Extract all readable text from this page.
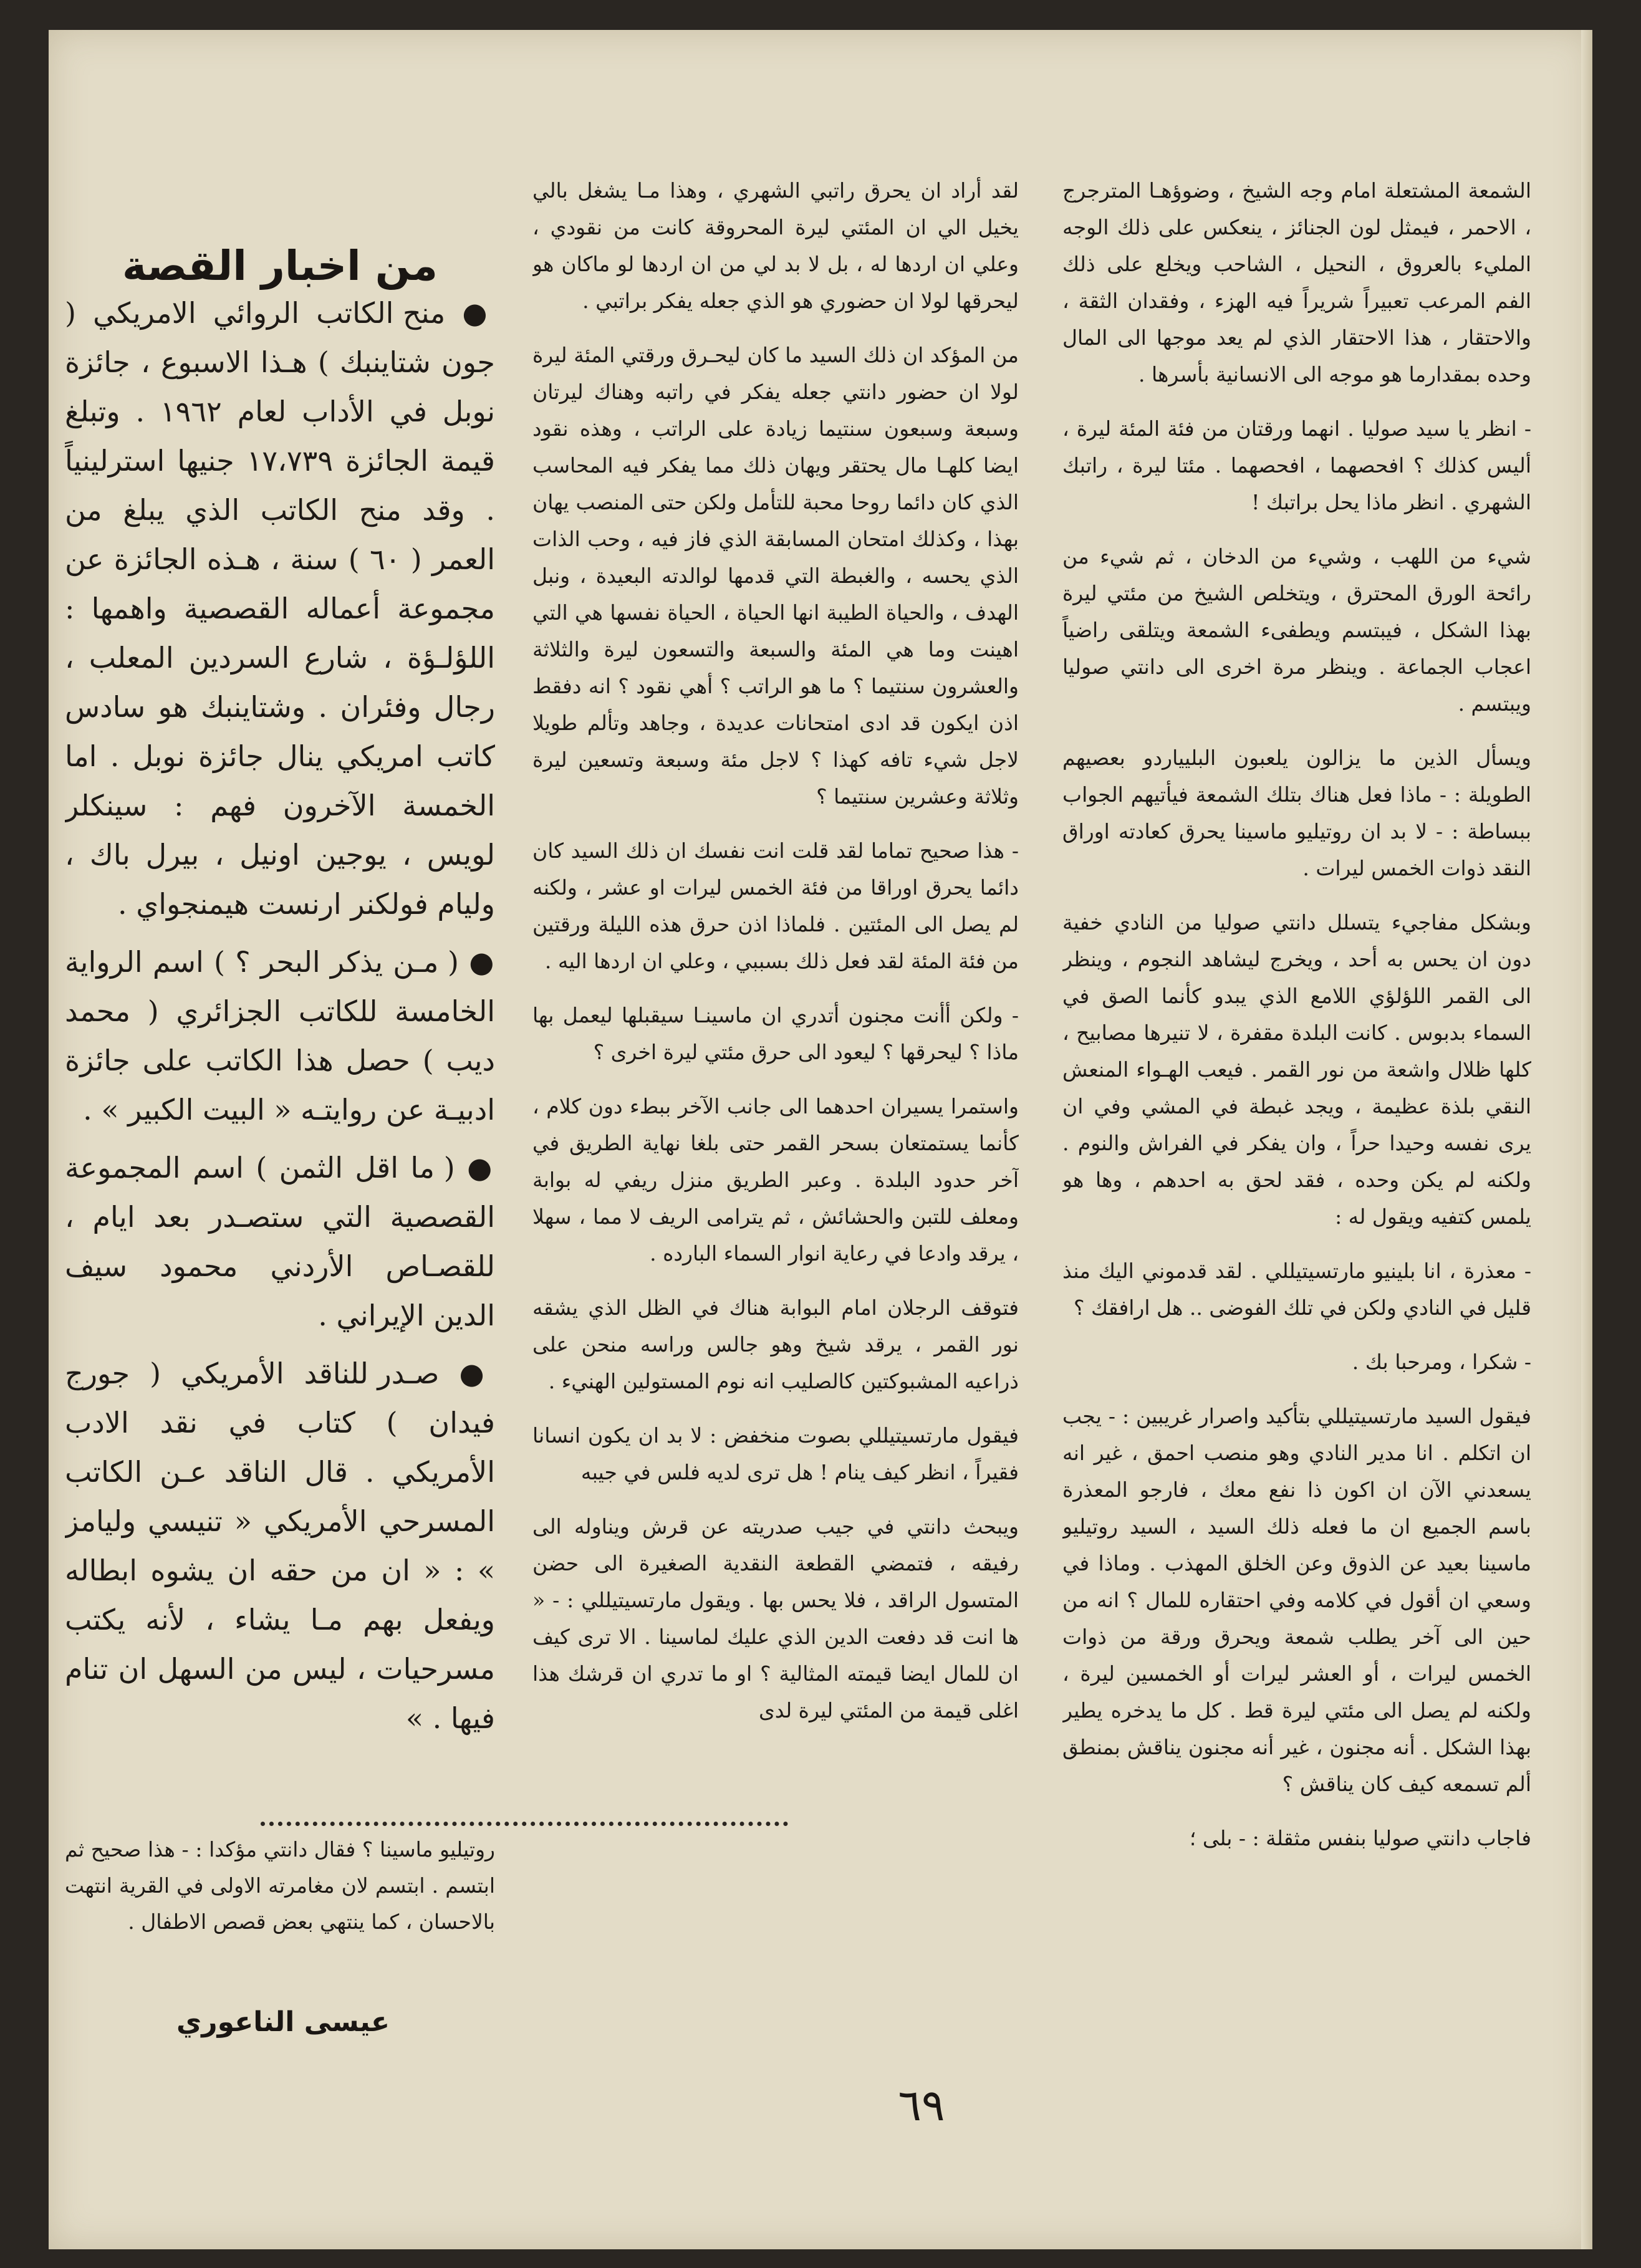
الشمعة المشتعلة امام وجه الشيخ ، وضوؤهـا المترجرج ، الاحمر ، فيمثل لون الجنائز ، ينعكس على ذلك الوجه المليء بالعروق ، النحيل ، الشاحب ويخلع على ذلك الفم المرعب تعبيراً شريراً فيه الهزء ، وفقدان الثقة ، والاحتقار ، هذا الاحتقار الذي لم يعد موجها الى المال وحده بمقدارما هو موجه الى الانسانية بأسرها .

- انظر يا سيد صوليا . انهما ورقتان من فئة المئة ليرة ، أليس كذلك ؟ افحصهما ، افحصهما . مئتا ليرة ، راتبك الشهري . انظر ماذا يحل براتبك !

شيء من اللهب ، وشيء من الدخان ، ثم شيء من رائحة الورق المحترق ، ويتخلص الشيخ من مئتي ليرة بهذا الشكل ، فيبتسم ويطفىء الشمعة ويتلقى راضياً اعجاب الجماعة . وينظر مرة اخرى الى دانتي صوليا ويبتسم .

ويسأل الذين ما يزالون يلعبون البليياردو بعصيهم الطويلة : - ماذا فعل هناك بتلك الشمعة فيأتيهم الجواب ببساطة : - لا بد ان روتيليو ماسينا يحرق كعادته اوراق النقد ذوات الخمس ليرات .

وبشكل مفاجيء يتسلل دانتي صوليا من النادي خفية دون ان يحس به أحد ، ويخرج ليشاهد النجوم ، وينظر الى القمر اللؤلؤي اللامع الذي يبدو كأنما الصق في السماء بدبوس . كانت البلدة مقفرة ، لا تنيرها مصابيح ، كلها ظلال واشعة من نور القمر . فيعب الهـواء المنعش النقي بلذة عظيمة ، ويجد غبطة في المشي وفي ان يرى نفسه وحيدا حراً ، وان يفكر في الفراش والنوم . ولكنه لم يكن وحده ، فقد لحق به احدهم ، وها هو يلمس كتفيه ويقول له :

- معذرة ، انا بلينيو مارتسيتيللي . لقد قدموني اليك منذ قليل في النادي ولكن في تلك الفوضى .. هل ارافقك ؟

- شكرا ، ومرحبا بك .

فيقول السيد مارتسيتيللي بتأكيد واصرار غريبين : - يجب ان اتكلم . انا مدير النادي وهو منصب احمق ، غير انه يسعدني الآن ان اكون ذا نفع معك ، فارجو المعذرة باسم الجميع ان ما فعله ذلك السيد ، السيد روتيليو ماسينا بعيد عن الذوق وعن الخلق المهذب . وماذا في وسعي ان أقول في كلامه وفي احتقاره للمال ؟ انه من حين الى آخر يطلب شمعة ويحرق ورقة من ذوات الخمس ليرات ، أو العشر ليرات أو الخمسين ليرة ، ولكنه لم يصل الى مئتي ليرة قط . كل ما يدخره يطير بهذا الشكل . أنه مجنون ، غير أنه مجنون يناقش بمنطق ألم تسمعه كيف كان يناقش ؟

فاجاب دانتي صوليا بنفس مثقلة : - بلى ؛

لقد أراد ان يحرق راتبي الشهري ، وهذا مـا يشغل بالي يخيل الي ان المئتي ليرة المحروقة كانت من نقودي ، وعلي ان اردها له ، بل لا بد لي من ان اردها لو ماكان هو ليحرقها لولا ان حضوري هو الذي جعله يفكر براتبي .

من المؤكد ان ذلك السيد ما كان ليحـرق ورقتي المئة ليرة لولا ان حضور دانتي جعله يفكر في راتبه وهناك ليرتان وسبعة وسبعون سنتيما زيادة على الراتب ، وهذه نقود ايضا كلهـا مال يحتقر ويهان ذلك مما يفكر فيه المحاسب الذي كان دائما روحا محبة للتأمل ولكن حتى المنصب يهان بهذا ، وكذلك امتحان المسابقة الذي فاز فيه ، وحب الذات الذي يحسه ، والغبطة التي قدمها لوالدته البعيدة ، ونبل الهدف ، والحياة الطيبة انها الحياة ، الحياة نفسها هي التي اهينت وما هي المئة والسبعة والتسعون ليرة والثلاثة والعشرون سنتيما ؟ ما هو الراتب ؟ أهي نقود ؟ انه دفقط اذن ايكون قد ادى امتحانات عديدة ، وجاهد وتألم طويلا لاجل شيء تافه كهذا ؟ لاجل مئة وسبعة وتسعين ليرة وثلاثة وعشرين سنتيما ؟

- هذا صحيح تماما لقد قلت انت نفسك ان ذلك السيد كان دائما يحرق اوراقا من فئة الخمس ليرات او عشر ، ولكنه لم يصل الى المئتين . فلماذا اذن حرق هذه الليلة ورقتين من فئة المئة لقد فعل ذلك بسببي ، وعلي ان اردها اليه .

- ولكن أأنت مجنون أتدري ان ماسينـا سيقبلها ليعمل بها ماذا ؟ ليحرقها ؟ ليعود الى حرق مئتي ليرة اخرى ؟

واستمرا يسيران احدهما الى جانب الآخر ببطء دون كلام ، كأنما يستمتعان بسحر القمر حتى بلغا نهاية الطريق في آخر حدود البلدة . وعبر الطريق منزل ريفي له بوابة ومعلف للتبن والحشائش ، ثم يترامى الريف لا مما ، سهلا ، يرقد وادعا في رعاية انوار السماء البارده .

فتوقف الرجلان امام البوابة هناك في الظل الذي يشقه نور القمر ، يرقد شيخ وهو جالس وراسه منحن على ذراعيه المشبوكتين كالصليب انه نوم المستولين الهنيء .

فيقول مارتسيتيللي بصوت منخفض : لا بد ان يكون انسانا فقيراً ، انظر كيف ينام ! هل ترى لديه فلس في جيبه

ويبحث دانتي في جيب صدريته عن قرش ويناوله الى رفيقه ، فتمضي القطعة النقدية الصغيرة الى حضن المتسول الراقد ، فلا يحس بها . ويقول مارتسيتيللي : - « ها انت قد دفعت الدين الذي عليك لماسينا . الا ترى كيف ان للمال ايضا قيمته المثالية ؟ او ما تدري ان قرشك هذا اغلى قيمة من المئتي ليرة لدى

من اخبار القصة

● منح الكاتب الروائي الامريكي ( جون شتاينبك ) هـذا الاسبوع ، جائزة نوبل في الأداب لعام ١٩٦٢ . وتبلغ قيمة الجائزة ١٧،٧٣٩ جنيها استرلينياً . وقد منح الكاتب الذي يبلغ من العمر ( ٦٠ ) سنة ، هـذه الجائزة عن مجموعة أعماله القصصية واهمها : اللؤلـؤة ، شارع السردين المعلب ، رجال وفئران . وشتاينبك هو سادس كاتب امريكي ينال جائزة نوبل . اما الخمسة الآخرون فهم : سينكلر لويس ، يوجين اونيل ، بيرل باك ، وليام فولكنر ارنست هيمنجواي .

● ( مـن يذكر البحر ؟ ) اسم الرواية الخامسة للكاتب الجزائري ( محمد ديب ) حصل هذا الكاتب على جائزة ادبيـة عن روايتـه « البيت الكبير » .

● ( ما اقل الثمن ) اسم المجموعة القصصية التي ستصـدر بعد ايام ، للقصـاص الأردني محمود سيف الدين الإيراني .

● صـدر للناقد الأمريكي ( جورج فيدان ) كتاب في نقد الادب الأمريكي . قال الناقد عـن الكاتب المسرحي الأمريكي « تنيسي وليامز » : « ان من حقه ان يشوه ابطاله ويفعل بهم مـا يشاء ، لأنه يكتب مسرحيات ، ليس من السهل ان تنام فيها . »

روتيليو ماسينا ؟ فقال دانتي مؤكدا : - هذا صحيح ثم ابتسم . ابتسم لان مغامرته الاولى في القرية انتهت بالاحسان ، كما ينتهي بعض قصص الاطفال .

عيسى الناعوري
٦٩
